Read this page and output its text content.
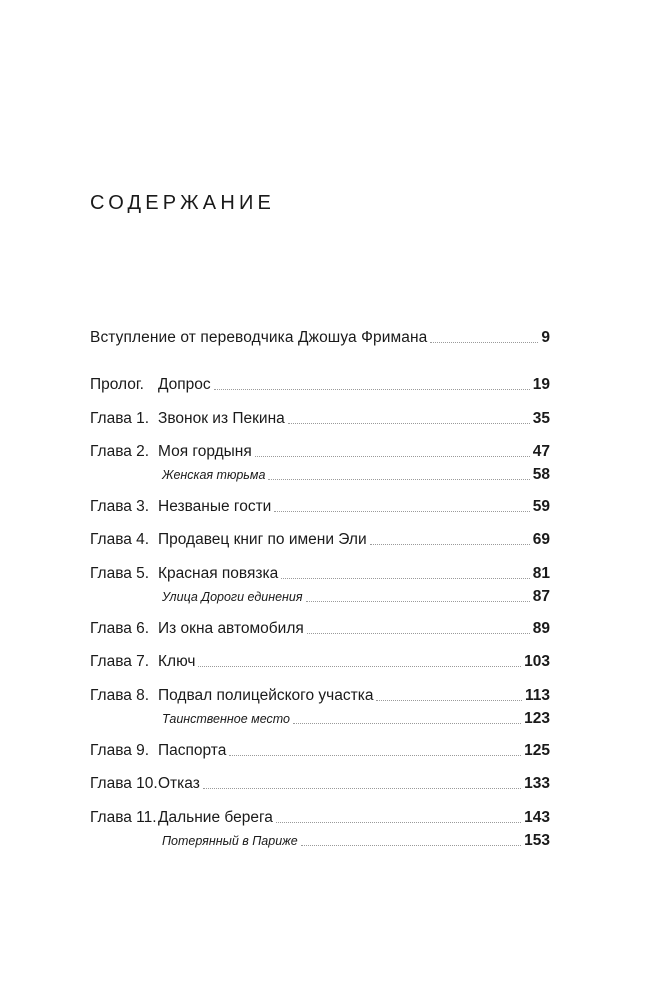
СОДЕРЖАНИЕ
Вступление от переводчика Джошуа Фримана	9
Пролог. Допрос	19
Глава 1. Звонок из Пекина	35
Глава 2. Моя гордыня	47
Женская тюрьма	58
Глава 3. Незваные гости	59
Глава 4. Продавец книг по имени Эли	69
Глава 5. Красная повязка	81
Улица Дороги единения	87
Глава 6. Из окна автомобиля	89
Глава 7. Ключ	103
Глава 8. Подвал полицейского участка	113
Таинственное место	123
Глава 9. Паспорта	125
Глава 10. Отказ	133
Глава 11. Дальние берега	143
Потерянный в Париже	153
